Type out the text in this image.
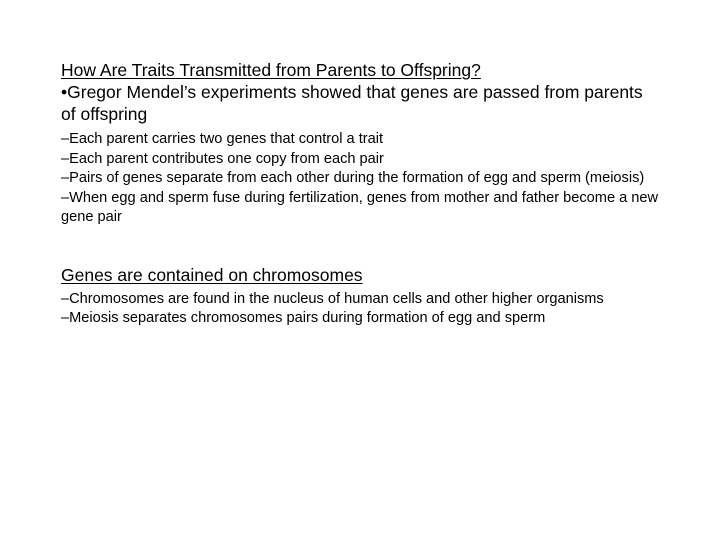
How Are Traits Transmitted from Parents to Offspring?

•Gregor Mendel’s experiments showed that genes are passed from parents of offspring

–Each parent carries two genes that control a trait

–Each parent contributes one copy from each pair

–Pairs of genes separate from each other during the formation of egg and sperm (meiosis)

–When egg and sperm fuse during fertilization, genes from mother and father become a new gene pair

Genes are contained on chromosomes

–Chromosomes are found in the nucleus of human cells and other higher organisms

–Meiosis separates chromosomes pairs during formation of egg and sperm
